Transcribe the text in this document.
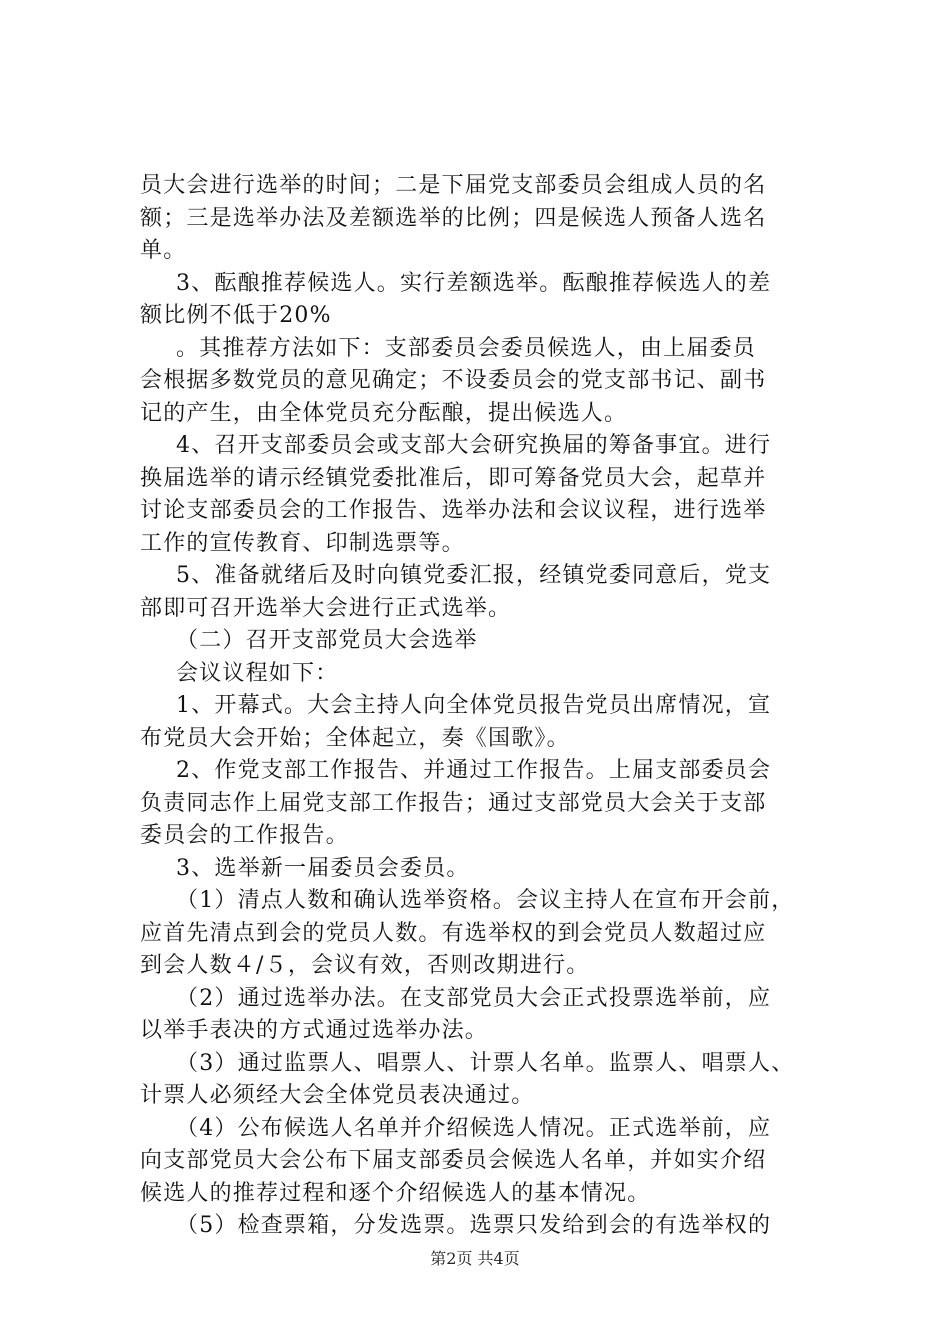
员大会进行选举的时间；二是下届党支部委员会组成人员的名

额；三是选举办法及差额选举的比例；四是候选人预备人选名

单。

3、酝酿推荐候选人。实行差额选举。酝酿推荐候选人的差

额比例不低于20%

。其推荐方法如下：支部委员会委员候选人，由上届委员

会根据多数党员的意见确定；不设委员会的党支部书记、副书

记的产生，由全体党员充分酝酿，提出候选人。

4、召开支部委员会或支部大会研究换届的筹备事宜。进行

换届选举的请示经镇党委批准后，即可筹备党员大会，起草并

讨论支部委员会的工作报告、选举办法和会议议程，进行选举

工作的宣传教育、印制选票等。

5、准备就绪后及时向镇党委汇报，经镇党委同意后，党支

部即可召开选举大会进行正式选举。

（二）召开支部党员大会选举

会议议程如下：

1、开幕式。大会主持人向全体党员报告党员出席情况，宣

布党员大会开始；全体起立，奏《国歌》。

2、作党支部工作报告、并通过工作报告。上届支部委员会

负责同志作上届党支部工作报告；通过支部党员大会关于支部

委员会的工作报告。

3、选举新一届委员会委员。

（1）清点人数和确认选举资格。会议主持人在宣布开会前，

应首先清点到会的党员人数。有选举权的到会党员人数超过应

到会人数４/５，会议有效，否则改期进行。

（2）通过选举办法。在支部党员大会正式投票选举前，应

以举手表决的方式通过选举办法。

（3）通过监票人、唱票人、计票人名单。监票人、唱票人、

计票人必须经大会全体党员表决通过。

（4）公布候选人名单并介绍候选人情况。正式选举前，应

向支部党员大会公布下届支部委员会候选人名单，并如实介绍

候选人的推荐过程和逐个介绍候选人的基本情况。

（5）检查票箱，分发选票。选票只发给到会的有选举权的

第2页 共4页
